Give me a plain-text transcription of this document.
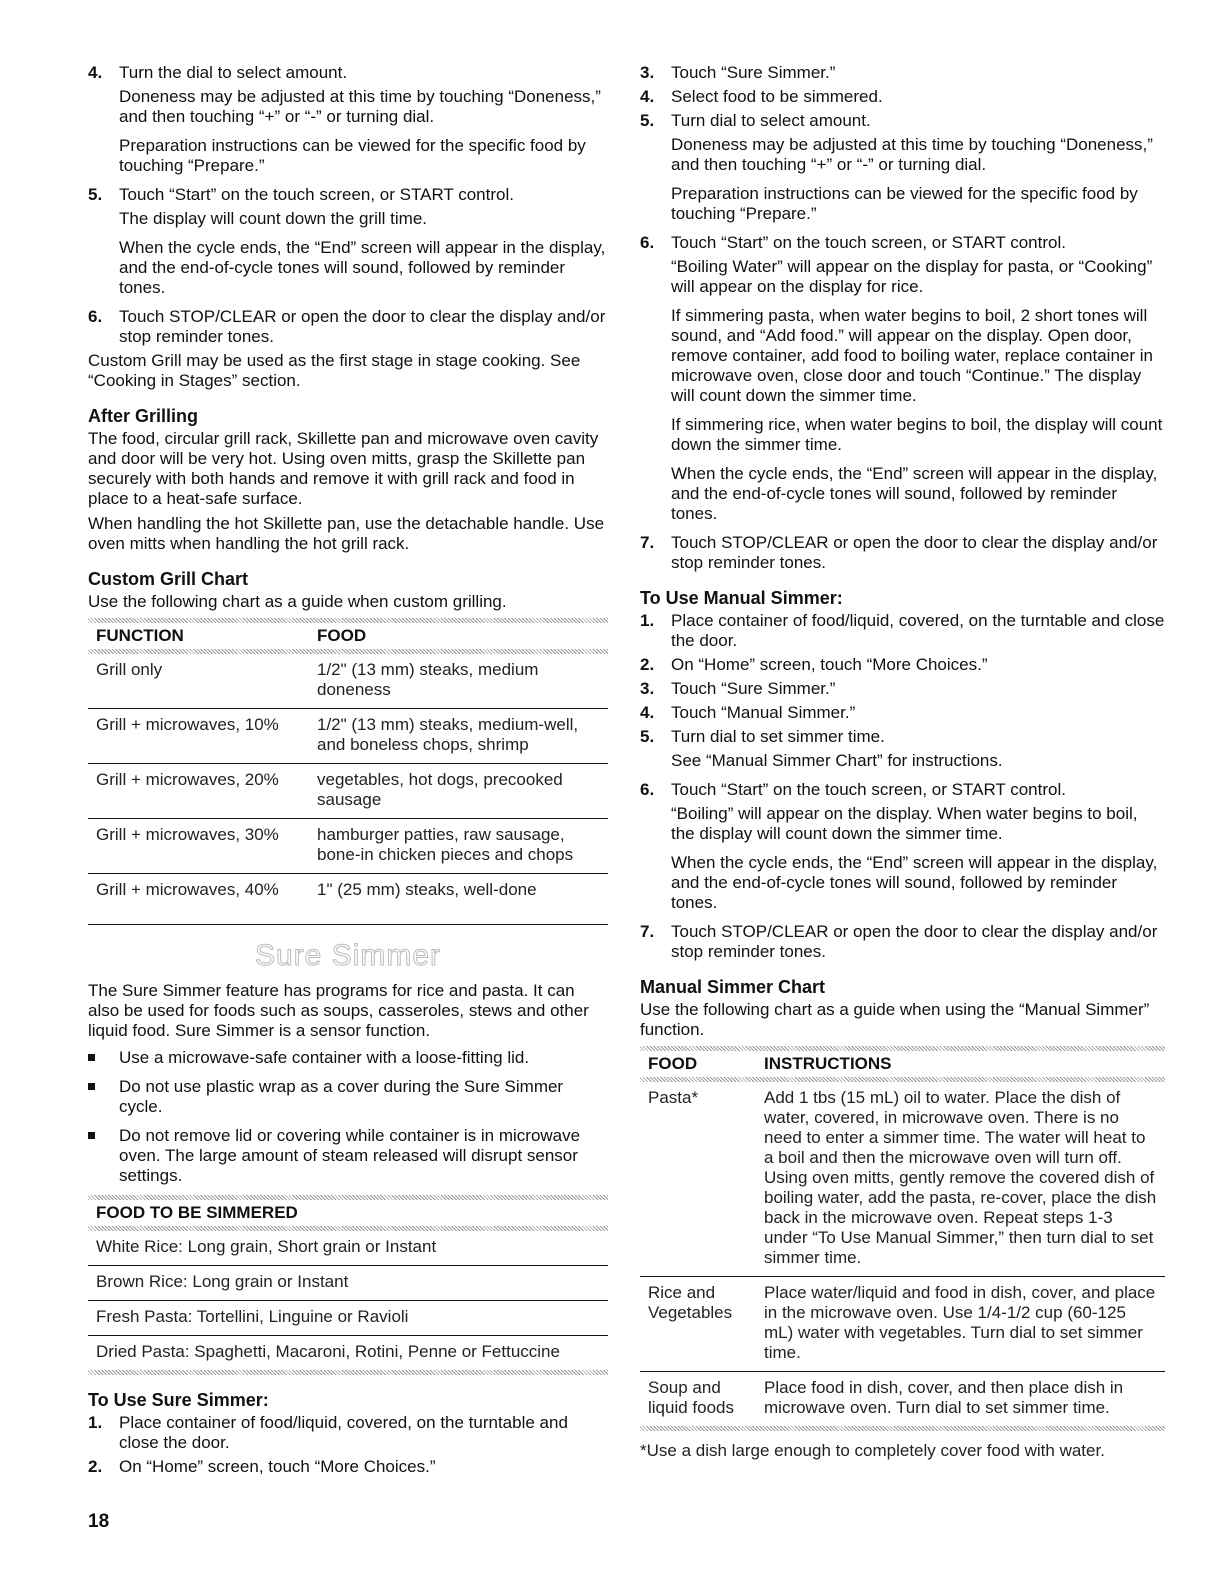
4. Turn the dial to select amount.

Doneness may be adjusted at this time by touching “Doneness,” and then touching “+” or “-” or turning dial.

Preparation instructions can be viewed for the specific food by touching “Prepare.”

5. Touch “Start” on the touch screen, or START control.

The display will count down the grill time.

When the cycle ends, the “End” screen will appear in the display, and the end-of-cycle tones will sound, followed by reminder tones.

6. Touch STOP/CLEAR or open the door to clear the display and/or stop reminder tones.

Custom Grill may be used as the first stage in stage cooking. See “Cooking in Stages” section.

After Grilling

The food, circular grill rack, Skillette pan and microwave oven cavity and door will be very hot. Using oven mitts, grasp the Skillette pan securely with both hands and remove it with grill rack and food in place to a heat-safe surface.

When handling the hot Skillette pan, use the detachable handle. Use oven mitts when handling the hot grill rack.

Custom Grill Chart

Use the following chart as a guide when custom grilling.

FUNCTION	FOOD
Grill only	1/2" (13 mm) steaks, medium doneness
Grill + microwaves, 10%	1/2" (13 mm) steaks, medium-well, and boneless chops, shrimp
Grill + microwaves, 20%	vegetables, hot dogs, precooked sausage
Grill + microwaves, 30%	hamburger patties, raw sausage, bone-in chicken pieces and chops
Grill + microwaves, 40%	1" (25 mm) steaks, well-done
Sure Simmer

The Sure Simmer feature has programs for rice and pasta. It can also be used for foods such as soups, casseroles, stews and other liquid food. Sure Simmer is a sensor function.

Use a microwave-safe container with a loose-fitting lid.
Do not use plastic wrap as a cover during the Sure Simmer cycle.
Do not remove lid or covering while container is in microwave oven. The large amount of steam released will disrupt sensor settings.
FOOD TO BE SIMMERED
White Rice: Long grain, Short grain or Instant
Brown Rice: Long grain or Instant
Fresh Pasta: Tortellini, Linguine or Ravioli
Dried Pasta: Spaghetti, Macaroni, Rotini, Penne or Fettuccine
To Use Sure Simmer:
1. Place container of food/liquid, covered, on the turntable and close the door.
2. On “Home” screen, touch “More Choices.”
18
3. Touch “Sure Simmer.”
4. Select food to be simmered.
5. Turn dial to select amount.

Doneness may be adjusted at this time by touching “Doneness,” and then touching “+” or “-” or turning dial.

Preparation instructions can be viewed for the specific food by touching “Prepare.”

6. Touch “Start” on the touch screen, or START control.

“Boiling Water” will appear on the display for pasta, or “Cooking” will appear on the display for rice.

If simmering pasta, when water begins to boil, 2 short tones will sound, and “Add food.” will appear on the display. Open door, remove container, add food to boiling water, replace container in microwave oven, close door and touch “Continue.” The display will count down the simmer time.

If simmering rice, when water begins to boil, the display will count down the simmer time.

When the cycle ends, the “End” screen will appear in the display, and the end-of-cycle tones will sound, followed by reminder tones.

7. Touch STOP/CLEAR or open the door to clear the display and/or stop reminder tones.
To Use Manual Simmer:
1. Place container of food/liquid, covered, on the turntable and close the door.
2. On “Home” screen, touch “More Choices.”
3. Touch “Sure Simmer.”
4. Touch “Manual Simmer.”
5. Turn dial to set simmer time.

See “Manual Simmer Chart” for instructions.

6. Touch “Start” on the touch screen, or START control.

“Boiling” will appear on the display. When water begins to boil, the display will count down the simmer time.

When the cycle ends, the “End” screen will appear in the display, and the end-of-cycle tones will sound, followed by reminder tones.

7. Touch STOP/CLEAR or open the door to clear the display and/or stop reminder tones.
Manual Simmer Chart

Use the following chart as a guide when using the “Manual Simmer” function.

FOOD	INSTRUCTIONS
Pasta*	Add 1 tbs (15 mL) oil to water. Place the dish of water, covered, in microwave oven. There is no need to enter a simmer time. The water will heat to a boil and then the microwave oven will turn off. Using oven mitts, gently remove the covered dish of boiling water, add the pasta, re-cover, place the dish back in the microwave oven. Repeat steps 1-3 under “To Use Manual Simmer,” then turn dial to set simmer time.
Rice and Vegetables	Place water/liquid and food in dish, cover, and place in the microwave oven. Use 1/4-1/2 cup (60-125 mL) water with vegetables. Turn dial to set simmer time.
Soup and liquid foods	Place food in dish, cover, and then place dish in microwave oven. Turn dial to set simmer time.

*Use a dish large enough to completely cover food with water.
